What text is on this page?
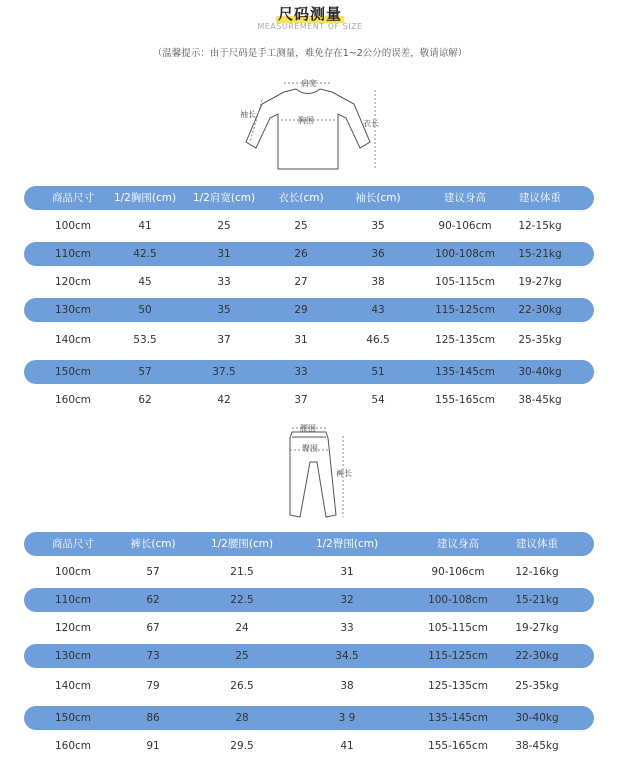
尺码测量
MEASUREMENT OF SIZE
（温馨提示：由于尺码是手工测量，难免存在1~2公分的误差，敬请谅解）
肩宽
袖长
胸围	衣长
商品尺寸	1/2胸围(cm)	1/2肩宽(cm)	衣长(cm)	袖长(cm)	建议身高	建议体重
100cm	41	25	25	35	90-106cm	12-15kg
110cm	42.5	31	26	36	100-108cm	15-21kg
120cm	45	33	27	38	105-115cm	19-27kg
130cm	50	35	29	43	115-125cm	22-30kg
140cm	53.5	37	31	46.5	125-135cm	25-35kg
150cm	57	37.5	33	51	135-145cm	30-40kg
160cm	62	42	37	54	155-165cm	38-45kg
腰围
臀围
裤长
商品尺寸	裤长(cm)	1/2腰围(cm)	1/2臀围(cm)	建议身高	建议体重
100cm	57	21.5	31	90-106cm	12-16kg
110cm	62	22.5	32	100-108cm	15-21kg
120cm	67	24	33	105-115cm	19-27kg
130cm	73	25	34.5	115-125cm	22-30kg
140cm	79	26.5	38	125-135cm	25-35kg
150cm	86	28	3 9	135-145cm	30-40kg
160cm	91	29.5	41	155-165cm	38-45kg
